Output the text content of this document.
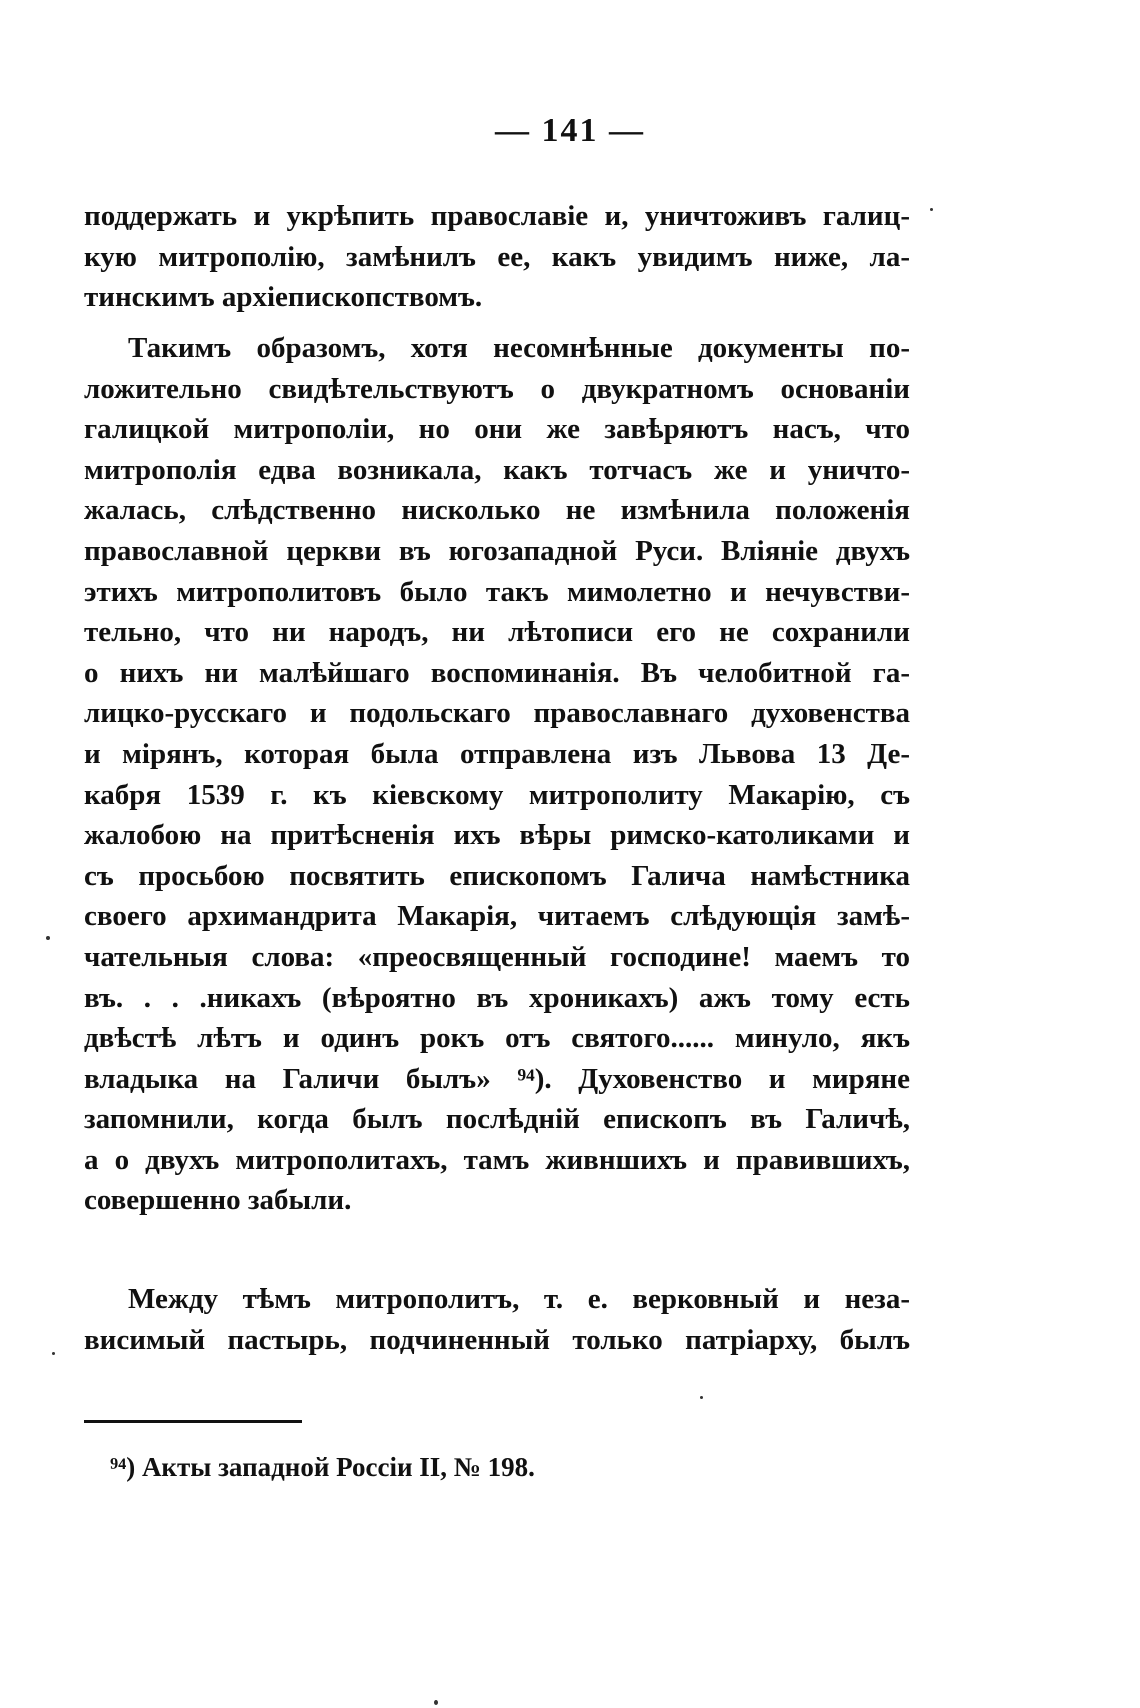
— 141 —
поддержать и укрѣпить православіе и, уничтоживъ галиц-
кую митрополію, замѣнилъ ее, какъ увидимъ ниже, ла-
тинскимъ архіепископствомъ.
Такимъ образомъ, хотя несомнѣнные документы по-
ложительно свидѣтельствуютъ о двукратномъ основаніи
галицкой митрополіи, но они же завѣряютъ насъ, что
митрополія едва возникала, какъ тотчасъ же и уничто-
жалась, слѣдственно нисколько не измѣнила положенія
православной церкви въ югозападной Руси. Вліяніе двухъ
этихъ митрополитовъ было такъ мимолетно и нечувстви-
тельно, что ни народъ, ни лѣтописи его не сохранили
о нихъ ни малѣйшаго воспоминанія. Въ челобитной га-
лицко-русскаго и подольскаго православнаго духовенства
и мірянъ, которая была отправлена изъ Львова 13 Де-
кабря 1539 г. къ кіевскому митрополиту Макарію, съ
жалобою на притѣсненія ихъ вѣры римско-католиками и
съ просьбою посвятить епископомъ Галича намѣстника
своего архимандрита Макарія, читаемъ слѣдующія замѣ-
чательныя слова: «преосвященный господине! маемъ то
въ. . . .никахъ (вѣроятно въ хроникахъ) ажъ тому есть
двѣстѣ лѣтъ и одинъ рокъ отъ святого...... минуло, якъ
владыка на Галичи былъ» ⁹⁴). Духовенство и миряне
запомнили, когда былъ послѣдній епископъ въ Галичѣ,
а о двухъ митрополитахъ, тамъ живншихъ и правившихъ,
совершенно забыли.
Между тѣмъ митрополитъ, т. е. верковный и неза-
висимый пастырь, подчиненный только патріарху, былъ
⁹⁴) Акты западной Россіи II, № 198.
